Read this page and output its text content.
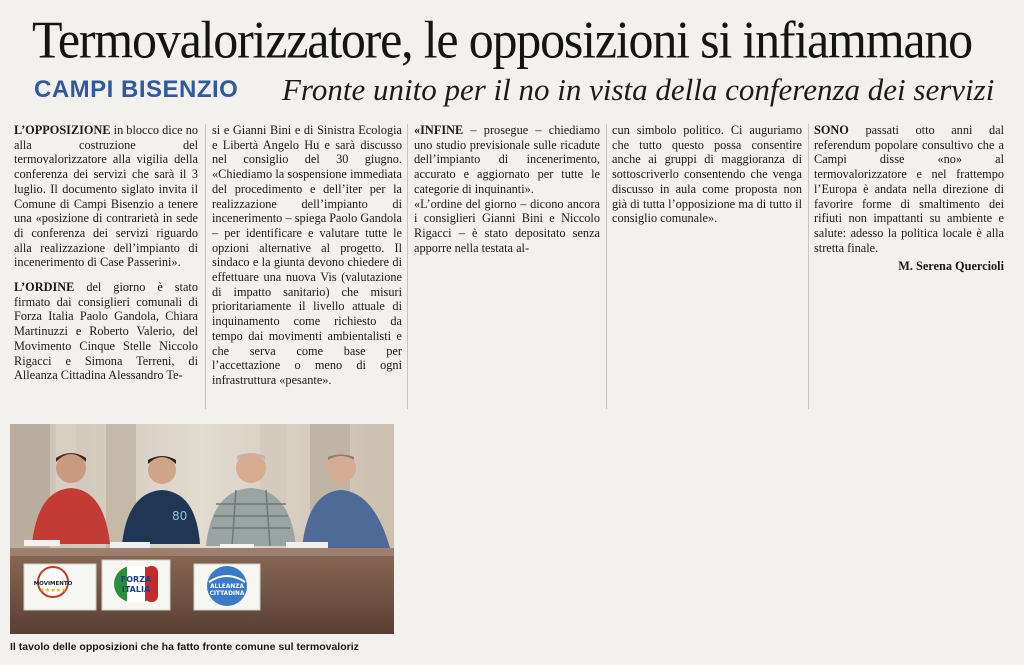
Termovalorizzatore, le opposizioni si infiammano
CAMPI BISENZIO Fronte unito per il no in vista della conferenza dei servizi

L’OPPOSIZIONE in blocco dice no alla costruzione del termovalorizzatore alla vigilia della conferenza dei servizi che sarà il 3 luglio. Il documento siglato invita il Comune di Campi Bisenzio a tenere una «posizione di contrarietà in sede di conferenza dei servizi riguardo alla realizzazione dell’impianto di incenerimento di Case Passerini».

L’ORDINE del giorno è stato firmato dai consiglieri comunali di Forza Italia Paolo Gandola, Chiara Martinuzzi e Roberto Valerio, del Movimento Cinque Stelle Niccolo Rigacci e Simona Terreni, di Alleanza Cittadina Alessandro Te-

si e Gianni Bini e di Sinistra Ecologia e Libertà Angelo Hu e sarà discusso nel consiglio del 30 giugno. «Chiediamo la sospensione immediata del procedimento e dell’iter per la realizzazione dell’impianto di incenerimento – spiega Paolo Gandola – per identificare e valutare tutte le opzioni alternative al progetto. Il sindaco e la giunta devono chiedere di effettuare una nuova Vis (valutazione di impatto sanitario) che misuri prioritariamente il livello attuale di inquinamento come richiesto da tempo dai movimenti ambientalisti e che serva come base per l’accettazione o meno di ogni infrastruttura «pesante».

«INFINE – prosegue – chiediamo uno studio previsionale sulle ricadute dell’impianto di incenerimento, accurato e aggiornato per tutte le categorie di inquinanti».

«L’ordine del giorno – dicono ancora i consiglieri Gianni Bini e Niccolo Rigacci – è stato depositato senza apporre nella testata al-

cun simbolo politico. Ci auguriamo che tutto questo possa consentire anche ai gruppi di maggioranza di sottoscriverlo consentendo che venga discusso in aula come proposta non già di tutta l’opposizione ma di tutto il consiglio comunale».

SONO passati otto anni dal referendum popolare consultivo che a Campi disse «no» al termovalorizzatore e nel frattempo l’Europa è andata nella direzione di favorire forme di smaltimento dei rifiuti non impattanti su ambiente e salute: adesso la politica locale è alla stretta finale.

M. Serena Quercioli
80
MOVIMENTO
★★★★★
FORZA
ITALIA	ALLEANZA
CITTADINA
Il tavolo delle opposizioni che ha fatto fronte comune sul termovaloriz
